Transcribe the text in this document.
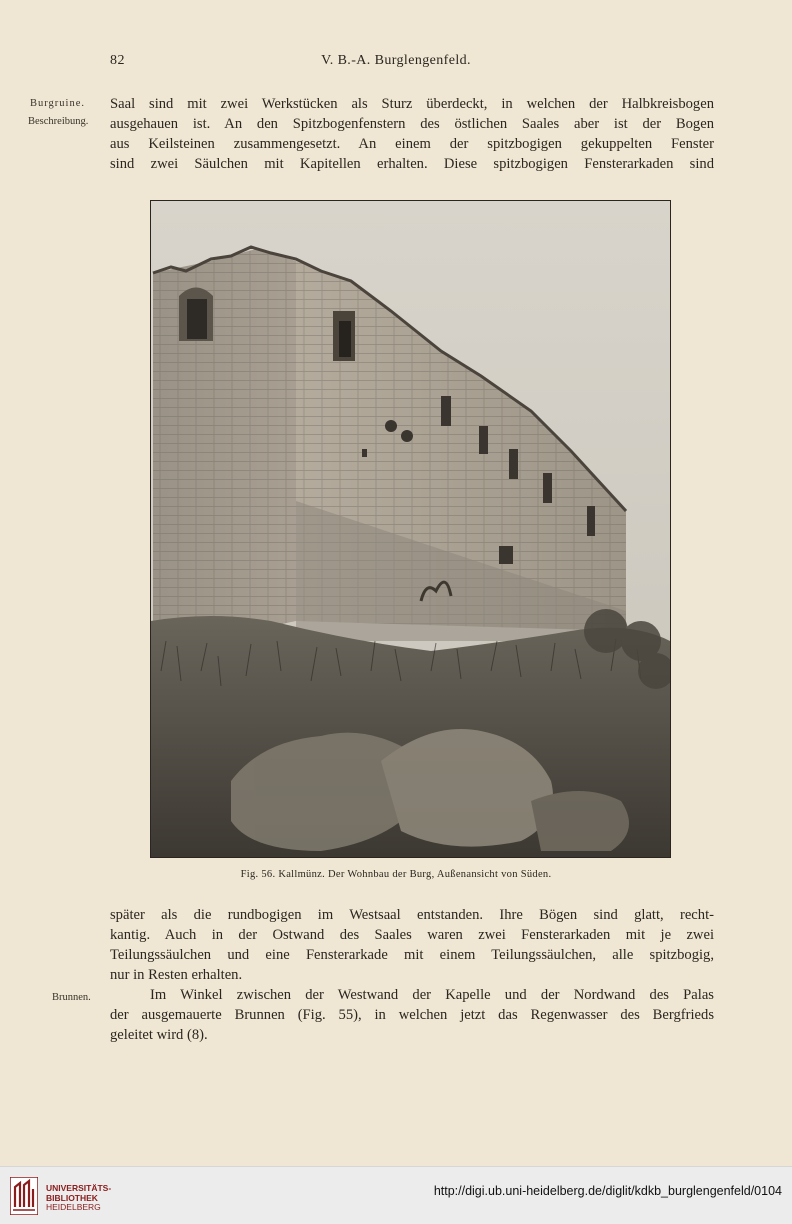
82	V. B.-A. Burglengenfeld.
Burgruine.
Beschreibung.
Saal sind mit zwei Werkstücken als Sturz überdeckt, in welchen der Halbkreisbogen
ausgehauen ist. An den Spitzbogenfenstern des östlichen Saales aber ist der Bogen
aus Keilsteinen zusammengesetzt. An einem der spitzbogigen gekuppelten Fenster
sind zwei Säulchen mit Kapitellen erhalten. Diese spitzbogigen Fensterarkaden sind
Fig. 56. Kallmünz. Der Wohnbau der Burg, Außenansicht von Süden.
später als die rundbogigen im Westsaal entstanden. Ihre Bögen sind glatt, recht-
kantig. Auch in der Ostwand des Saales waren zwei Fensterarkaden mit je zwei
Teilungssäulchen und eine Fensterarkade mit einem Teilungssäulchen, alle spitzbogig,
nur in Resten erhalten.
Brunnen.	Im Winkel zwischen der Westwand der Kapelle und der Nordwand des Palas
der ausgemauerte Brunnen (Fig. 55), in welchen jetzt das Regenwasser des Bergfrieds
geleitet wird (8).
UNIVERSITÄTS-
BIBLIOTHEK
HEIDELBERG
http://digi.ub.uni-heidelberg.de/diglit/kdkb_burglengenfeld/0104
